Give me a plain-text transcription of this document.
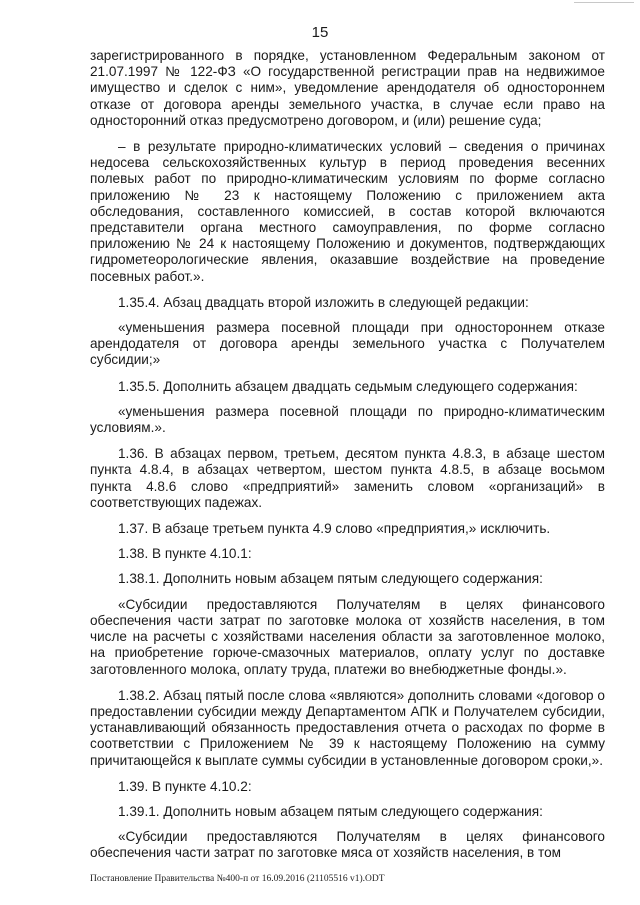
15

зарегистрированного в порядке, установленном Федеральным законом от 21.07.1997 № 122-ФЗ «О государственной регистрации прав на недвижимое имущество и сделок с ним», уведомление арендодателя об одностороннем отказе от договора аренды земельного участка, в случае если право на односторонний отказ предусмотрено договором, и (или) решение суда;

– в результате природно-климатических условий – сведения о причинах недосева сельскохозяйственных культур в период проведения весенних полевых работ по природно-климатическим условиям по форме согласно приложению № 23 к настоящему Положению с приложением акта обследования, составленного комиссией, в состав которой включаются представители органа местного самоуправления, по форме согласно приложению № 24 к настоящему Положению и документов, подтверждающих гидрометеорологические явления, оказавшие воздействие на проведение посевных работ.».

1.35.4. Абзац двадцать второй изложить в следующей редакции:

«уменьшения размера посевной площади при одностороннем отказе арендодателя от договора аренды земельного участка с Получателем субсидии;»

1.35.5. Дополнить абзацем двадцать седьмым следующего содержания:

«уменьшения размера посевной площади по природно-климатическим условиям.».

1.36. В абзацах первом, третьем, десятом пункта 4.8.3, в абзаце шестом пункта 4.8.4, в абзацах четвертом, шестом пункта 4.8.5, в абзаце восьмом пункта 4.8.6 слово «предприятий» заменить словом «организаций» в соответствующих падежах.

1.37. В абзаце третьем пункта 4.9 слово «предприятия,» исключить.

1.38. В пункте 4.10.1:

1.38.1. Дополнить новым абзацем пятым следующего содержания:

«Субсидии предоставляются Получателям в целях финансового обеспечения части затрат по заготовке молока от хозяйств населения, в том числе на расчеты с хозяйствами населения области за заготовленное молоко, на приобретение горюче-смазочных материалов, оплату услуг по доставке заготовленного молока, оплату труда, платежи во внебюджетные фонды.».

1.38.2. Абзац пятый после слова «являются» дополнить словами «договор о предоставлении субсидии между Департаментом АПК и Получателем субсидии, устанавливающий обязанность предоставления отчета о расходах по форме в соответствии с Приложением № 39 к настоящему Положению на сумму причитающейся к выплате суммы субсидии в установленные договором сроки,».

1.39. В пункте 4.10.2:

1.39.1. Дополнить новым абзацем пятым следующего содержания:

«Субсидии предоставляются Получателям в целях финансового обеспечения части затрат по заготовке мяса от хозяйств населения, в том

Постановление Правительства №400-п от 16.09.2016 (21105516 v1).ODT
